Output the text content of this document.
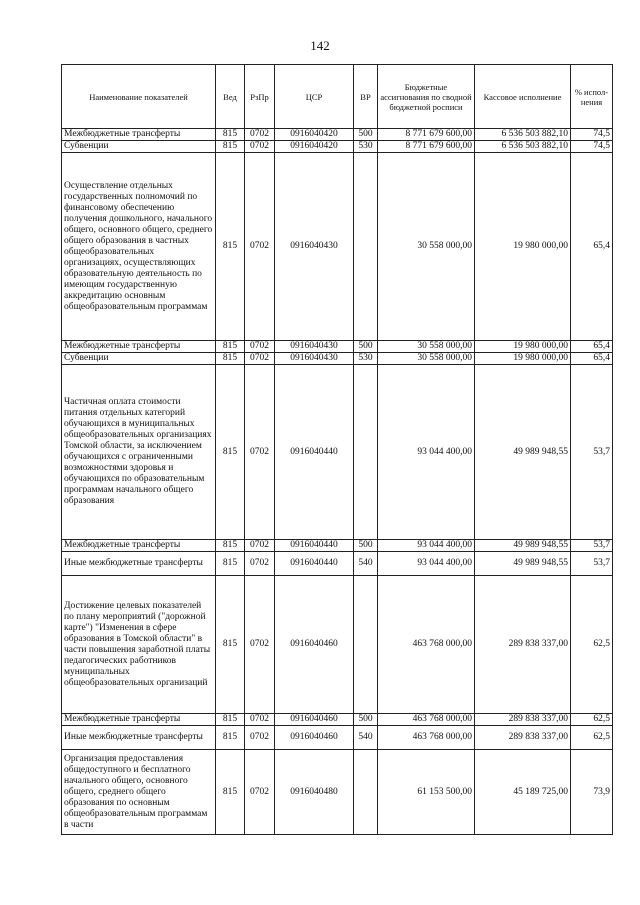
142
Наименование показателей	Вед	РзПр	ЦСР	ВР	Бюджетные ассигнования по сводной бюджетной росписи	Кассовое исполнение	% испол- нения
Межбюджетные трансферты	815	0702	0916040420	500	8 771 679 600,00	6 536 503 882,10	74,5
Субвенции	815	0702	0916040420	530	8 771 679 600,00	6 536 503 882,10	74,5
Осуществление отдельных государственных полномочий по финансовому обеспечению получения дошкольного, начального общего, основного общего, среднего общего образования в частных общеобразовательных организациях, осуществляющих образовательную деятельность по имеющим государственную аккредитацию основным общеобразовательным программам	815	0702	0916040430		30 558 000,00	19 980 000,00	65,4
Межбюджетные трансферты	815	0702	0916040430	500	30 558 000,00	19 980 000,00	65,4
Субвенции	815	0702	0916040430	530	30 558 000,00	19 980 000,00	65,4
Частичная оплата стоимости питания отдельных категорий обучающихся в муниципальных общеобразовательных организациях Томской области, за исключением обучающихся с ограниченными возможностями здоровья и обучающихся по образовательным программам начального общего образования	815	0702	0916040440		93 044 400,00	49 989 948,55	53,7
Межбюджетные трансферты	815	0702	0916040440	500	93 044 400,00	49 989 948,55	53,7
Иные межбюджетные трансферты	815	0702	0916040440	540	93 044 400,00	49 989 948,55	53,7
Достижение целевых показателей по плану мероприятий ("дорожной карте") "Изменения в сфере образования в Томской области" в части повышения заработной платы педагогических работников муниципальных общеобразовательных организаций	815	0702	0916040460		463 768 000,00	289 838 337,00	62,5
Межбюджетные трансферты	815	0702	0916040460	500	463 768 000,00	289 838 337,00	62,5
Иные межбюджетные трансферты	815	0702	0916040460	540	463 768 000,00	289 838 337,00	62,5
Организация предоставления общедоступного и бесплатного начального общего, основного общего, среднего общего образования по основным общеобразовательным программам в части	815	0702	0916040480		61 153 500,00	45 189 725,00	73,9
